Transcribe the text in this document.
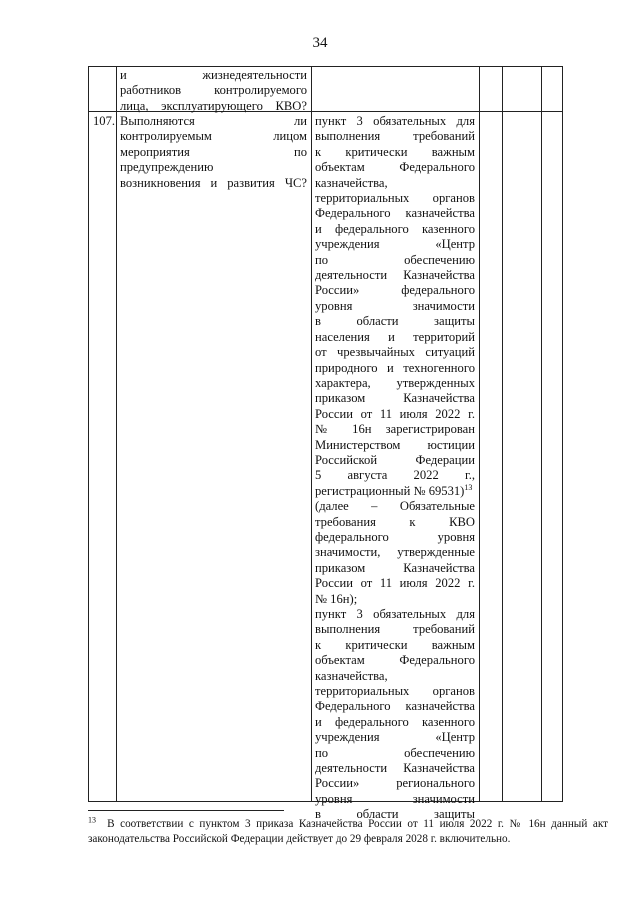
34
и жизнедеятельности
работников контролируемого
лица, эксплуатирующего КВО?
107. Выполняются ли
контролируемым лицом
мероприятия по
предупреждению
возникновения и развития ЧС?
пункт 3 обязательных для
выполнения требований
к критически важным
объектам Федерального
казначейства,
территориальных органов
Федерального казначейства
и федерального казенного
учреждения «Центр
по обеспечению
деятельности Казначейства
России» федерального
уровня значимости
в области защиты
населения и территорий
от чрезвычайных ситуаций
природного и техногенного
характера, утвержденных
приказом Казначейства
России от 11 июля 2022 г.
№ 16н зарегистрирован
Министерством юстиции
Российской Федерации
5 августа 2022 г.,
регистрационный № 69531)$^{13}$
(далее – Обязательные
требования к КВО
федерального уровня
значимости, утвержденные
приказом Казначейства
России от 11 июля 2022 г.
№ 16н);
пункт 3 обязательных для
выполнения требований
к критически важным
объектам Федерального
казначейства,
территориальных органов
Федерального казначейства
и федерального казенного
учреждения «Центр
по обеспечению
деятельности Казначейства
России» регионального
уровня значимости
в области защиты
$^{13}$ В соответствии с пунктом 3 приказа Казначейства России от 11 июля 2022 г. № 16н данный акт
законодательства Российской Федерации действует до 29 февраля 2028 г. включительно.
